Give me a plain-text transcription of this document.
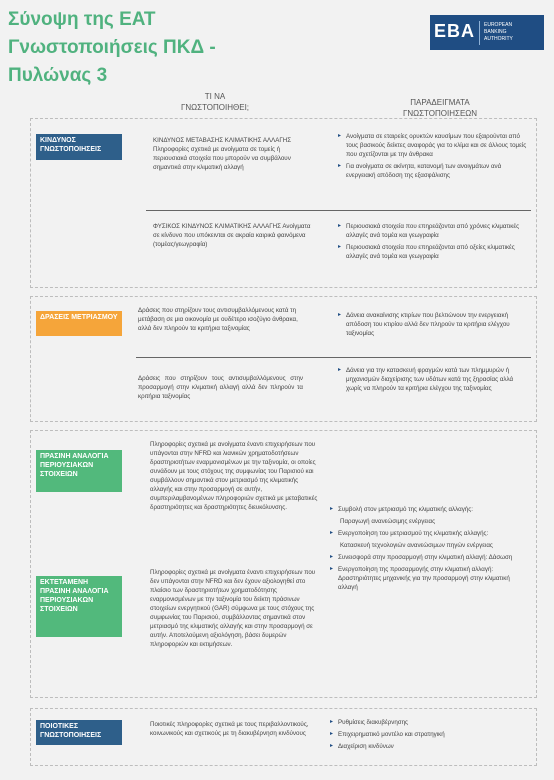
Σύνοψη της ΕΑΤ
Γνωστοποιήσεις ΠΚΔ -
Πυλώνας 3
EBA EUROPEAN
BANKING
AUTHORITY
ΤΙ ΝΑ
ΓΝΩΣΤΟΠΟΙΗΘΕΙ;
ΠΑΡΑΔΕΙΓΜΑΤΑ
ΓΝΩΣΤΟΠΟΙΗΣΕΩΝ
ΚΙΝΔΥΝΟΣ ΓΝΩΣΤΟΠΟΙΗΣΕΙΣ
ΚΙΝΔΥΝΟΣ ΜΕΤΑΒΑΣΗΣ ΚΛΙΜΑΤΙΚΗΣ ΑΛΛΑΓΗΣ Πληροφορίες σχετικά με ανοίγματα σε τομείς ή περιουσιακά στοιχεία που μπορούν να συμβάλουν σημαντικά στην κλιματική αλλαγή
▸ Ανοίγματα σε εταιρείες ορυκτών καυσίμων που εξαιρούνται από τους βασικούς δείκτες αναφοράς για το κλίμα και σε άλλους τομείς που σχετίζονται με την άνθρακα
▸ Για ανοίγματα σε ακίνητα, κατανομή των ανοιγμάτων ανά ενεργειακή απόδοση της εξασφάλισης
ΦΥΣΙΚΟΣ ΚΙΝΔΥΝΟΣ ΚΛΙΜΑΤΙΚΗΣ ΑΛΛΑΓΗΣ Ανοίγματα σε κίνδυνο που υπόκεινται σε ακραία καιρικά φαινόμενα (τομέας/γεωγραφία)
▸ Περιουσιακά στοιχεία που επηρεάζονται από χρόνιες κλιματικές αλλαγές ανά τομέα και γεωγραφία
▸ Περιουσιακά στοιχεία που επηρεάζονται από οξείες κλιματικές αλλαγές ανά τομέα και γεωγραφία
ΔΡΑΣΕΙΣ ΜΕΤΡΙΑΣΜΟΥ
Δράσεις που στηρίζουν τους αντισυμβαλλόμενους κατά τη μετάβαση σε μια οικονομία με ουδέτερο ισοζύγιο άνθρακα, αλλά δεν πληρούν τα κριτήρια ταξινομίας
▸ Δάνεια ανακαίνισης κτιρίων που βελτιώνουν την ενεργειακή απόδοση του κτιρίου αλλά δεν πληρούν τα κριτήρια ελέγχου ταξινομίας
Δράσεις που στηρίζουν τους αντισυμβαλλόμενους στην προσαρμογή στην κλιματική αλλαγή αλλά δεν πληρούν τα κριτήρια ταξινομίας
▸ Δάνεια για την κατασκευή φραγμών κατά των πλημμυρών ή μηχανισμών διαχείρισης των υδάτων κατά της ξηρασίας αλλά χωρίς να πληρούν τα κριτήρια ελέγχου της ταξινομίας
ΠΡΑΣΙΝΗ ΑΝΑΛΟΓΙΑ ΠΕΡΙΟΥΣΙΑΚΩΝ ΣΤΟΙΧΕΙΩΝ
Πληροφορίες σχετικά με ανοίγματα έναντι επιχειρήσεων που υπάγονται στην NFRD και λιανικών χρηματοδοτήσεων δραστηριοτήτων εναρμονισμένων με την ταξινομία, οι οποίες συνάδουν με τους στόχους της συμφωνίας του Παρισιού και συμβάλλουν σημαντικά στον μετριασμό της κλιματικής αλλαγής και στην προσαρμογή σε αυτήν, συμπεριλαμβανομένων πληροφοριών σχετικά με μεταβατικές δραστηριότητες και δραστηριότητες διευκόλυνσης.
ΕΚΤΕΤΑΜΕΝΗ ΠΡΑΣΙΝΗ ΑΝΑΛΟΓΙΑ ΠΕΡΙΟΥΣΙΑΚΩΝ ΣΤΟΙΧΕΙΩΝ
Πληροφορίες σχετικά με ανοίγματα έναντι επιχειρήσεων που δεν υπάγονται στην NFRD και δεν έχουν αξιολογηθεί στο πλαίσιο των δραστηριοτήτων χρηματοδότησης εναρμονισμένων με την ταξινομία του δείκτη πράσινων στοιχείων ενεργητικού (GAR) σύμφωνα με τους στόχους της συμφωνίας του Παρισιού, συμβάλλοντας σημαντικά στον μετριασμό της κλιματικής αλλαγής και στην προσαρμογή σε αυτήν. Αποτελούμενη αξιολόγηση, βάσει δυμερών πληροφοριών και εκτιμήσεων.
▸ Συμβολή στον μετριασμό της κλιματικής αλλαγής:
Παραγωγή ανανεώσιμης ενέργειας
▸ Ενεργοποίηση του μετριασμού της κλιματικής αλλαγής:
Κατασκευή τεχνολογιών ανανεώσιμων πηγών ενέργειας
▸ Συνεισφορά στην προσαρμογή στην κλιματική αλλαγή: Δάσωση
▸ Ενεργοποίηση της προσαρμογής στην κλιματική αλλαγή: Δραστηριότητες μηχανικής για την προσαρμογή στην κλιματική αλλαγή
ΠΟΙΟΤΙΚΕΣ ΓΝΩΣΤΟΠΟΙΗΣΕΙΣ
Ποιοτικές πληροφορίες σχετικά με τους περιβαλλοντικούς, κοινωνικούς και σχετικούς με τη διακυβέρνηση κινδύνους
▸ Ρυθμίσεις διακυβέρνησης
▸ Επιχειρηματικό μοντέλο και στρατηγική
▸ Διαχείριση κινδύνων
